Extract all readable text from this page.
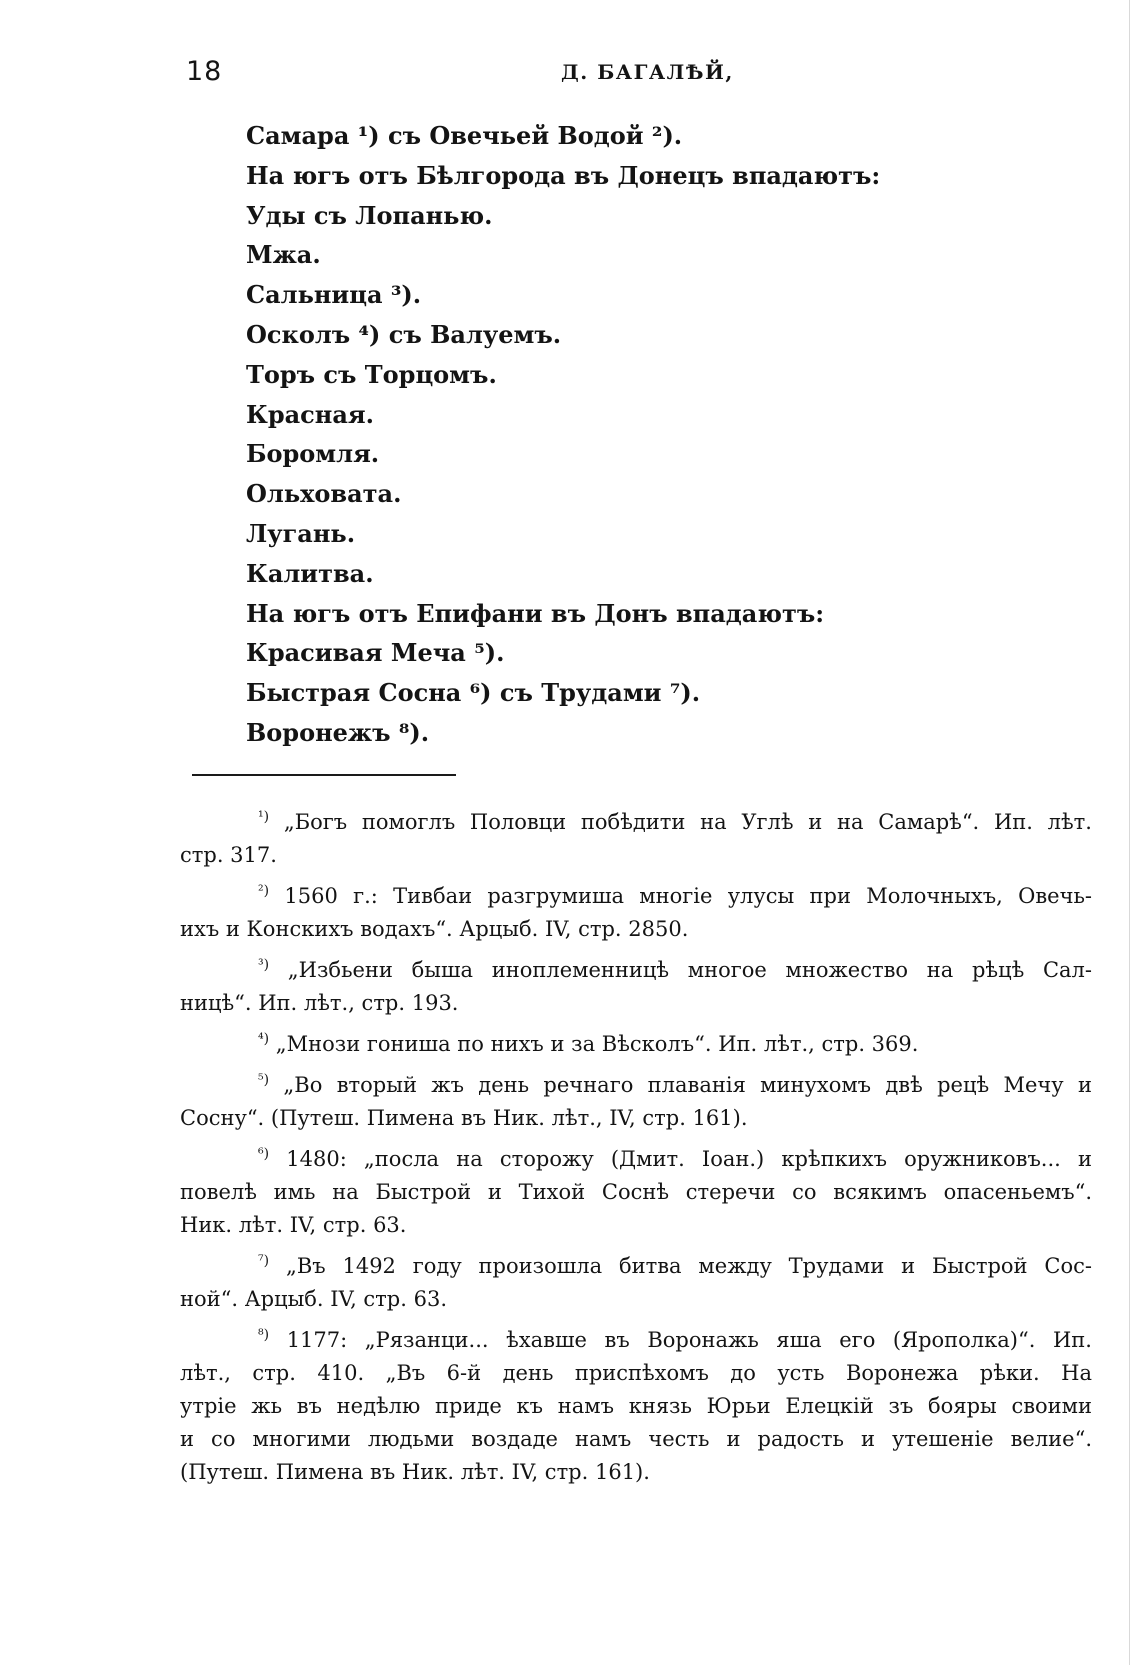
18	Д. БАГАЛѢЙ,
Самара ¹) съ Овечьей Водой ²).
На югъ отъ Бѣлгорода въ Донецъ впадаютъ:
Уды съ Лопанью.
Мжа.
Сальница ³).
Осколъ ⁴) съ Валуемъ.
Торъ съ Торцомъ.
Красная.
Боромля.
Ольховата.
Лугань.
Калитва.
На югъ отъ Епифани въ Донъ впадаютъ:
Красивая Меча ⁵).
Быстрая Сосна ⁶) съ Трудами ⁷).
Воронежъ ⁸).
$^{^1)}$ „Богъ помоглъ Половци побѣдити на Углѣ и на Самарѣ“. Ип. лѣт.
стр. 317.
$^{^2)}$ 1560 г.: Тивбаи разгрумиша многіе улусы при Молочныхъ, Овечь-
ихъ и Конскихъ водахъ“. Арцыб. IV, стр. 2850.
$^{^3)}$ „Избьени быша иноплеменницѣ многое множество на рѣцѣ Сал-
ницѣ“. Ип. лѣт., стр. 193.
$^{^4)}$ „Мнози гониша по нихъ и за Вѣсколъ“. Ип. лѣт., стр. 369.
$^{^5)}$ „Во вторый жъ день речнаго плаванія минухомъ двѣ рецѣ Мечу и
Сосну“. (Путеш. Пимена въ Ник. лѣт., IV, стр. 161).
$^{^6)}$ 1480: „посла на сторожу (Дмит. Іоан.) крѣпкихъ оружниковъ... и
повелѣ имь на Быстрой и Тихой Соснѣ стеречи со всякимъ опасеньемъ“.
Ник. лѣт. IV, стр. 63.
$^{^7)}$ „Въ 1492 году произошла битва между Трудами и Быстрой Сос-
ной“. Арцыб. IV, стр. 63.
$^{^8)}$ 1177: „Рязанци... ѣхавше въ Воронажь яша его (Ярополка)“. Ип.
лѣт., стр. 410. „Въ 6-й день приспѣхомъ до усть Воронежа рѣки. На
утріе жь въ недѣлю приде къ намъ князь Юрьи Елецкій зъ бояры своими
и со многими людьми воздаде намъ честь и радость и утешеніе велие“.
(Путеш. Пимена въ Ник. лѣт. IV, стр. 161).
